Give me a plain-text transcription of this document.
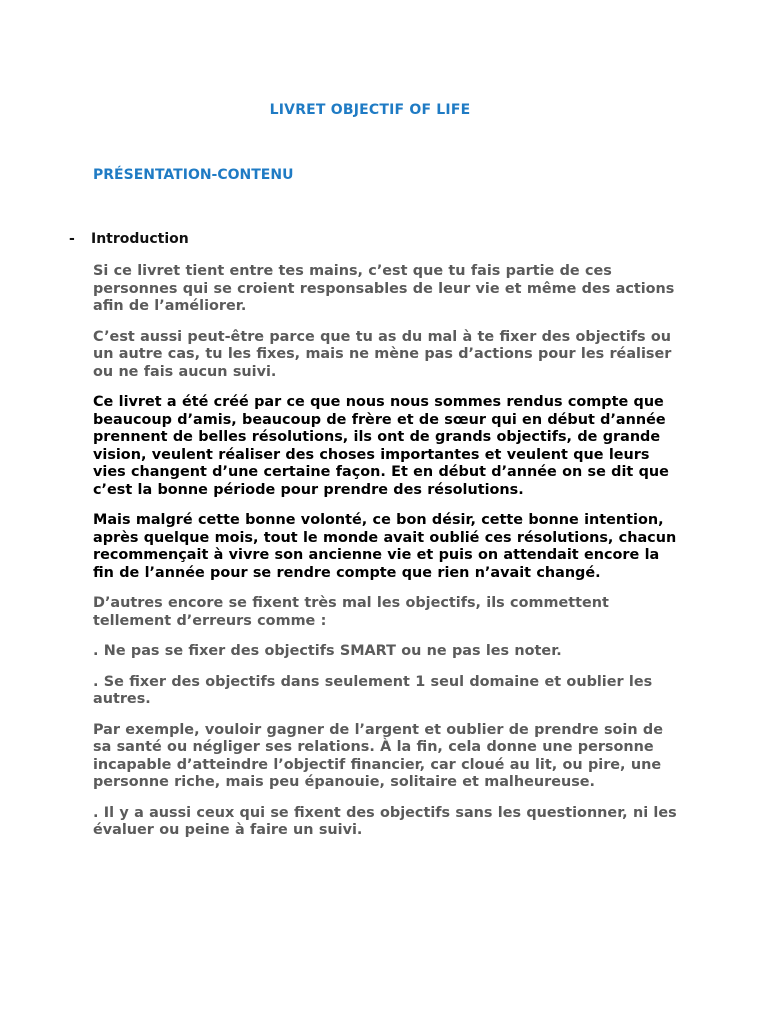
LIVRET OBJECTIF OF LIFE
PRÉSENTATION-CONTENU
- Introduction

Si ce livret tient entre tes mains, c’est que tu fais partie de ces personnes qui se croient responsables de leur vie et même des actions afin de l’améliorer.

C’est aussi peut-être parce que tu as du mal à te fixer des objectifs ou un autre cas, tu les fixes, mais ne mène pas d’actions pour les réaliser ou ne fais aucun suivi.

Ce livret a été créé par ce que nous nous sommes rendus compte que beaucoup d’amis, beaucoup de frère et de sœur qui en début d’année prennent de belles résolutions, ils ont de grands objectifs, de grande vision, veulent réaliser des choses importantes et veulent que leurs vies changent d’une certaine façon. Et en début d’année on se dit que c’est la bonne période pour prendre des résolutions.

Mais malgré cette bonne volonté, ce bon désir, cette bonne intention, après quelque mois, tout le monde avait oublié ces résolutions, chacun recommençait à vivre son ancienne vie et puis on attendait encore la fin de l’année pour se rendre compte que rien n’avait changé.

D’autres encore se fixent très mal les objectifs, ils commettent tellement d’erreurs comme :

. Ne pas se fixer des objectifs SMART ou ne pas les noter.

. Se fixer des objectifs dans seulement 1 seul domaine et oublier les autres.

Par exemple, vouloir gagner de l’argent et oublier de prendre soin de sa santé ou négliger ses relations. À la fin, cela donne une personne incapable d’atteindre l’objectif financier, car cloué au lit, ou pire, une personne riche, mais peu épanouie, solitaire et malheureuse.

. Il y a aussi ceux qui se fixent des objectifs sans les questionner, ni les évaluer ou peine à faire un suivi.
